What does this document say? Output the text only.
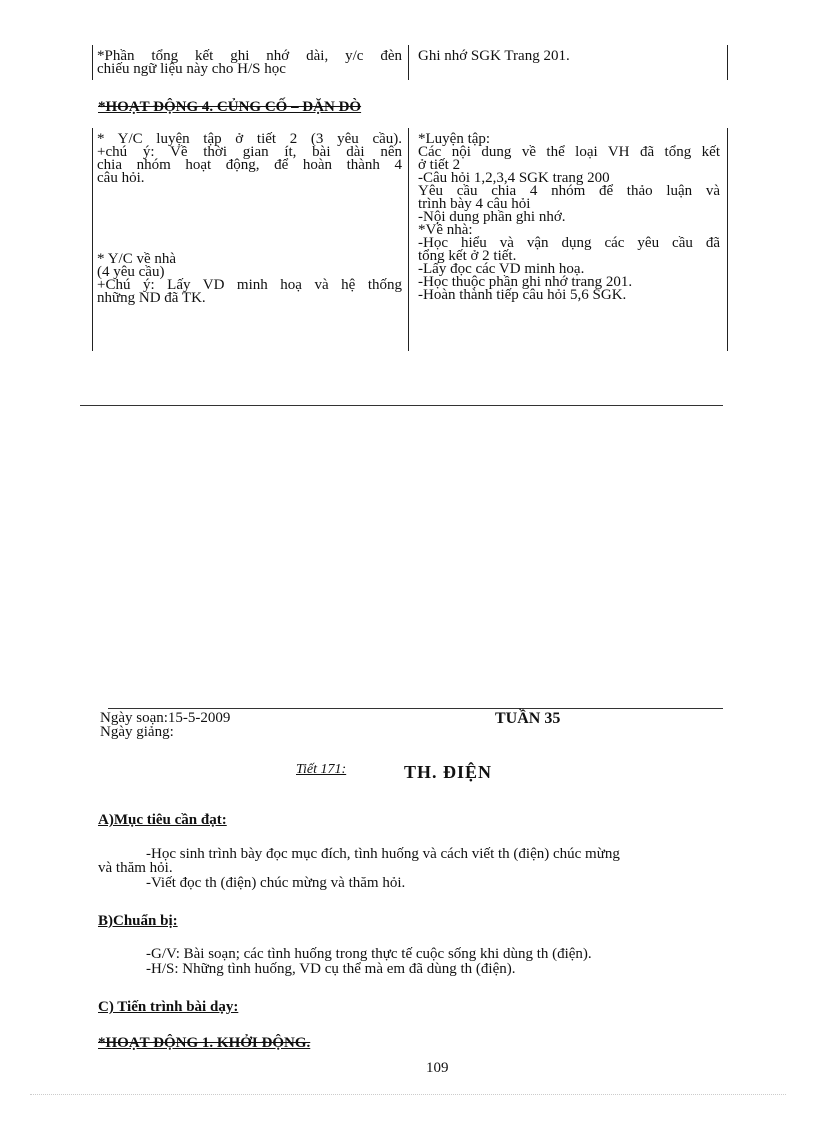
*Phần tổng kết ghi nhớ dài, y/c đèn

chiếu ngữ liệu này cho H/S học

Ghi nhớ SGK Trang 201.

*HOẠT ĐỘNG 4. CỦNG CỐ – DẶN DÒ

* Y/C luyện tập ở tiết 2 (3 yêu cầu).

+chú ý: Về thời gian ít, bài dài nên

chia nhóm hoạt động, để hoàn thành 4

câu hỏi.

* Y/C về nhà

(4 yêu cầu)

+Chú ý: Lấy VD minh hoạ và hệ thống

những ND đã TK.

*Luyện tập:

Các nội dung về thể loại VH đã tổng kết

ở tiết 2

-Câu hỏi 1,2,3,4 SGK trang 200

Yêu cầu chia 4 nhóm để thảo luận và

trình bày 4 câu hỏi

-Nội dung phần ghi nhớ.

*Về nhà:

-Học hiểu và vận dụng các yêu cầu đã

tổng kết ở 2 tiết.

-Lấy đọc các VD minh hoạ.

-Học thuộc phần ghi nhớ trang 201.

-Hoàn thành tiếp câu hỏi 5,6 SGK.

Ngày soạn:15-5-2009
Ngày giảng:
TUẦN 35
Tiết 171:	TH. ĐIỆN
A)Mục tiêu cần đạt:
-Học sinh trình bày đọc mục đích, tình huống và cách viết th (điện) chúc mừng
và thăm hỏi.
-Viết đọc th (điện) chúc mừng và thăm hỏi.
B)Chuẩn bị:
-G/V: Bài soạn; các tình huống trong thực tế cuộc sống khi dùng th (điện).
-H/S: Những tình huống, VD cụ thể mà em đã dùng th (điện).
C) Tiến trình bài dạy:
*HOẠT ĐỘNG 1. KHỞI ĐỘNG.
109
